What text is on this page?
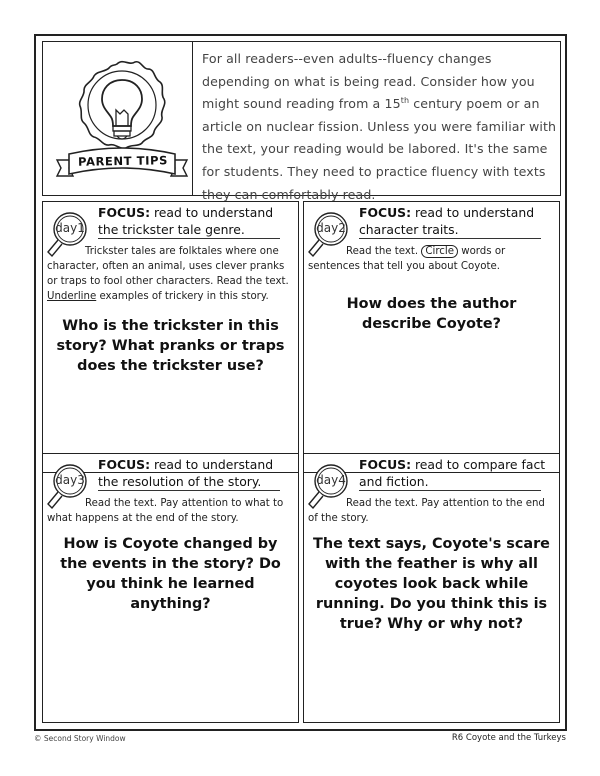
PARENT TIPS
For all readers--even adults--fluency changes depending on what is being read. Consider how you might sound reading from a 15th century poem or an article on nuclear fission. Unless you were familiar with the text, your reading would be labored. It's the same for students. They need to practice fluency with texts they can comfortably read.
day1
FOCUS: read to understand the trickster tale genre.
Trickster tales are folktales where one character, often an animal, uses clever pranks or traps to fool other characters. Read the text. Underline examples of trickery in this story.
Who is the trickster in this story? What pranks or traps does the trickster use?
day2
FOCUS: read to understand character traits.
Read the text. Circle words or sentences that tell you about Coyote.
How does the author describe Coyote?
day3
FOCUS: read to understand the resolution of the story.
Read the text. Pay attention to what to what happens at the end of the story.
How is Coyote changed by the events in the story? Do you think he learned anything?
day4
FOCUS: read to compare fact and fiction.
Read the text. Pay attention to the end of the story.
The text says, Coyote's scare with the feather is why all coyotes look back while running. Do you think this is true? Why or why not?
© Second Story Window	R6 Coyote and the Turkeys
